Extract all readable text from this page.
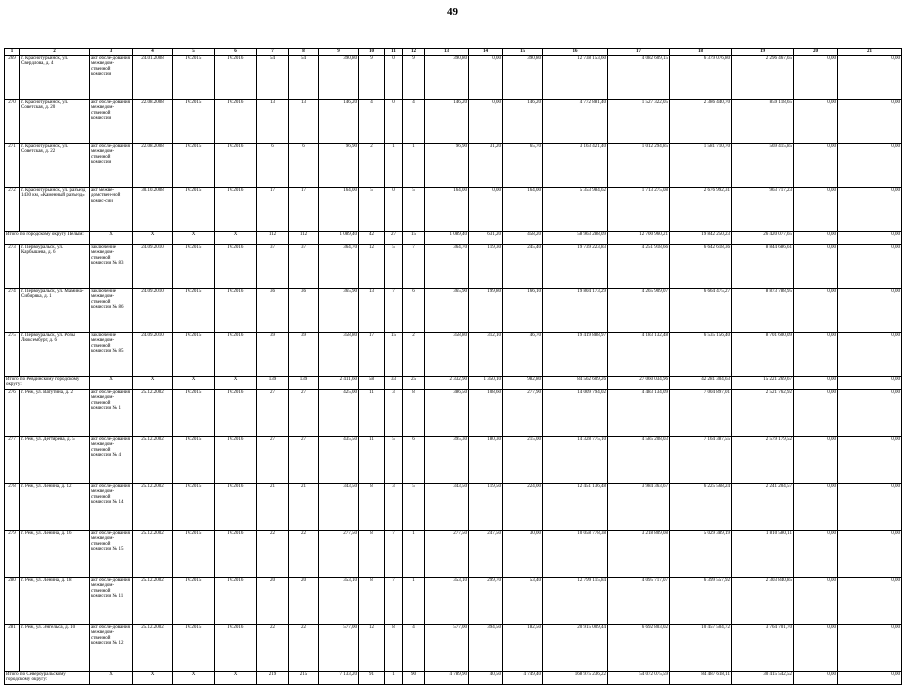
49
1	2	3	4	5	6	7	8	9	10	11	12	13	14	15	16	17	18	19	20	21
269	г. Краснотурьинск, ул. Свердлова, д. 4	акт обсле-дования межведом-ственной комиссии	24.01.2008	IV.2015	IV.2016	54	54	390,80	9	0	9	390,80	0,00	390,80	12 738 153,60	4 082 609,15	6 379 076,80	2 296 467,65	0,00	0,00
270	г. Краснотурьинск, ул. Советская, д. 20	акт обсле-дования межведом-ственной комиссии	22.08.2008	IV.2015	IV.2016	13	13	146,20	4	0	4	146,20	0,00	146,20	4 772 881,40	1 527 322,05	2 386 440,70	859 118,65	0,00	0,00
271	г. Краснотурьинск, ул. Советская, д. 22	акт обсле-дования межведом-ственной комиссии	22.08.2008	IV.2015	IV.2016	6	6	96,90	2	1	1	96,90	31,20	65,70	3 163 421,40	1 012 294,85	1 581 710,70	569 415,85	0,00	0,00
272	г. Краснотурьинск, ул. разъезд 1430 км, «Каменный разъезд»	акт межве-домствен-ной комис-сии	30.10.2008	IV.2015	IV.2016	17	17	164,00	5	0	5	164,00	0,00	164,00	5 353 984,62	1 713 275,08	2 676 992,31	963 717,23	0,00	0,00
Итого по городскому округу Пелым:		X	X	X	X	112	112	1 089,40	42	27	15	1 089,40	631,20	458,20	58 963 288,09	12 700 960,21	19 842 250,23	26 420 077,65	0,00	0,00
273	г. Первоуральск, ул. Карбышева, д. 6	заключение межведом-ственной комиссии № 83	24.09.2010	IV.2015	IV.2016	37	37	364,70	12	5	7	364,70	119,30	245,40	19 739 223,83	4 251 918,66	6 642 618,36	8 844 686,61	0,00	0,00
274	г. Первоуральск, ул. Мамина-Сибиряка, д. 1	заключение межведом-ственной комиссии № 86	24.09.2010	IV.2015	IV.2016	36	36	365,90	13	7	6	365,90	199,80	166,10	19 804 173,29	4 265 909,07	6 664 475,27	8 873 788,95	0,00	0,00
275	г. Первоуральск, ул. Розы Люксембург, д. 6	заключение межведом-ственной комиссии № 85	24.09.2010	IV.2015	IV.2016	39	39	358,80	17	15	2	358,80	312,10	46,70	19 419 888,97	4 183 132,48	6 535 156,40	8 701 600,09	0,00	0,00
Итого по Ревдинскому городскому округу:		X	X	X	X	139	139	2 411,60	58	33	25	2 332,90	1 350,10	982,80	84 562 609,26	27 060 034,96	42 281 304,63	15 221 269,67	0,00	0,00
276	г. Реж, ул. Ватутина, д. 2	акт обсле-дования межведом-ственной комиссии № 1	25.12.2002	IV.2015	IV.2016	27	27	425,00	11	3	8	386,50	108,60	277,90	14 009 794,02	4 483 134,09	7 004 897,01	2 521 762,92	0,00	0,00
277	г. Реж, ул. Дегтярева, д. 5	акт обсле-дования межведом-ственной комиссии № 4	25.12.2002	IV.2015	IV.2016	27	27	435,50	11	5	6	395,30	180,30	215,00	14 328 775,10	4 585 208,03	7 164 387,55	2 579 179,52	0,00	0,00
278	г. Реж, ул. Ленина, д. 12	акт обсле-дования межведом-ственной комиссии № 14	25.12.2002	IV.2015	IV.2016	21	21	343,50	8	3	5	343,50	119,50	224,00	12 451 136,48	3 984 363,67	6 225 568,24	2 241 204,57	0,00	0,00
279	г. Реж, ул. Ленина, д. 16	акт обсле-дования межведом-ственной комиссии № 15	25.12.2002	IV.2015	IV.2016	22	22	277,50	8	7	1	277,50	247,50	30,00	10 058 778,38	3 218 809,08	5 029 389,19	1 810 580,11	0,00	0,00
280	г. Реж, ул. Ленина, д. 18	акт обсле-дования межведом-ственной комиссии № 11	25.12.2002	IV.2015	IV.2016	20	20	353,10	8	7	1	353,10	299,70	53,40	12 799 115,84	4 095 717,07	6 399 557,92	2 303 840,85	0,00	0,00
281	г. Реж, ул. Энгельса, д. 10	акт обсле-дования межведом-ственной комиссии № 12	25.12.2002	IV.2015	IV.2016	22	22	577,00	12	8	4	577,00	394,50	182,50	20 915 009,44	6 692 803,02	10 457 504,72	3 764 701,70	0,00	0,00
Итого по Североуральскому городскому округу:		X	X	X	X	219	215	7 133,20	91	1	90	4 789,90	40,50	4 749,40	168 975 236,22	54 072 075,59	84 487 618,11	30 415 542,52	0,00	0,00
